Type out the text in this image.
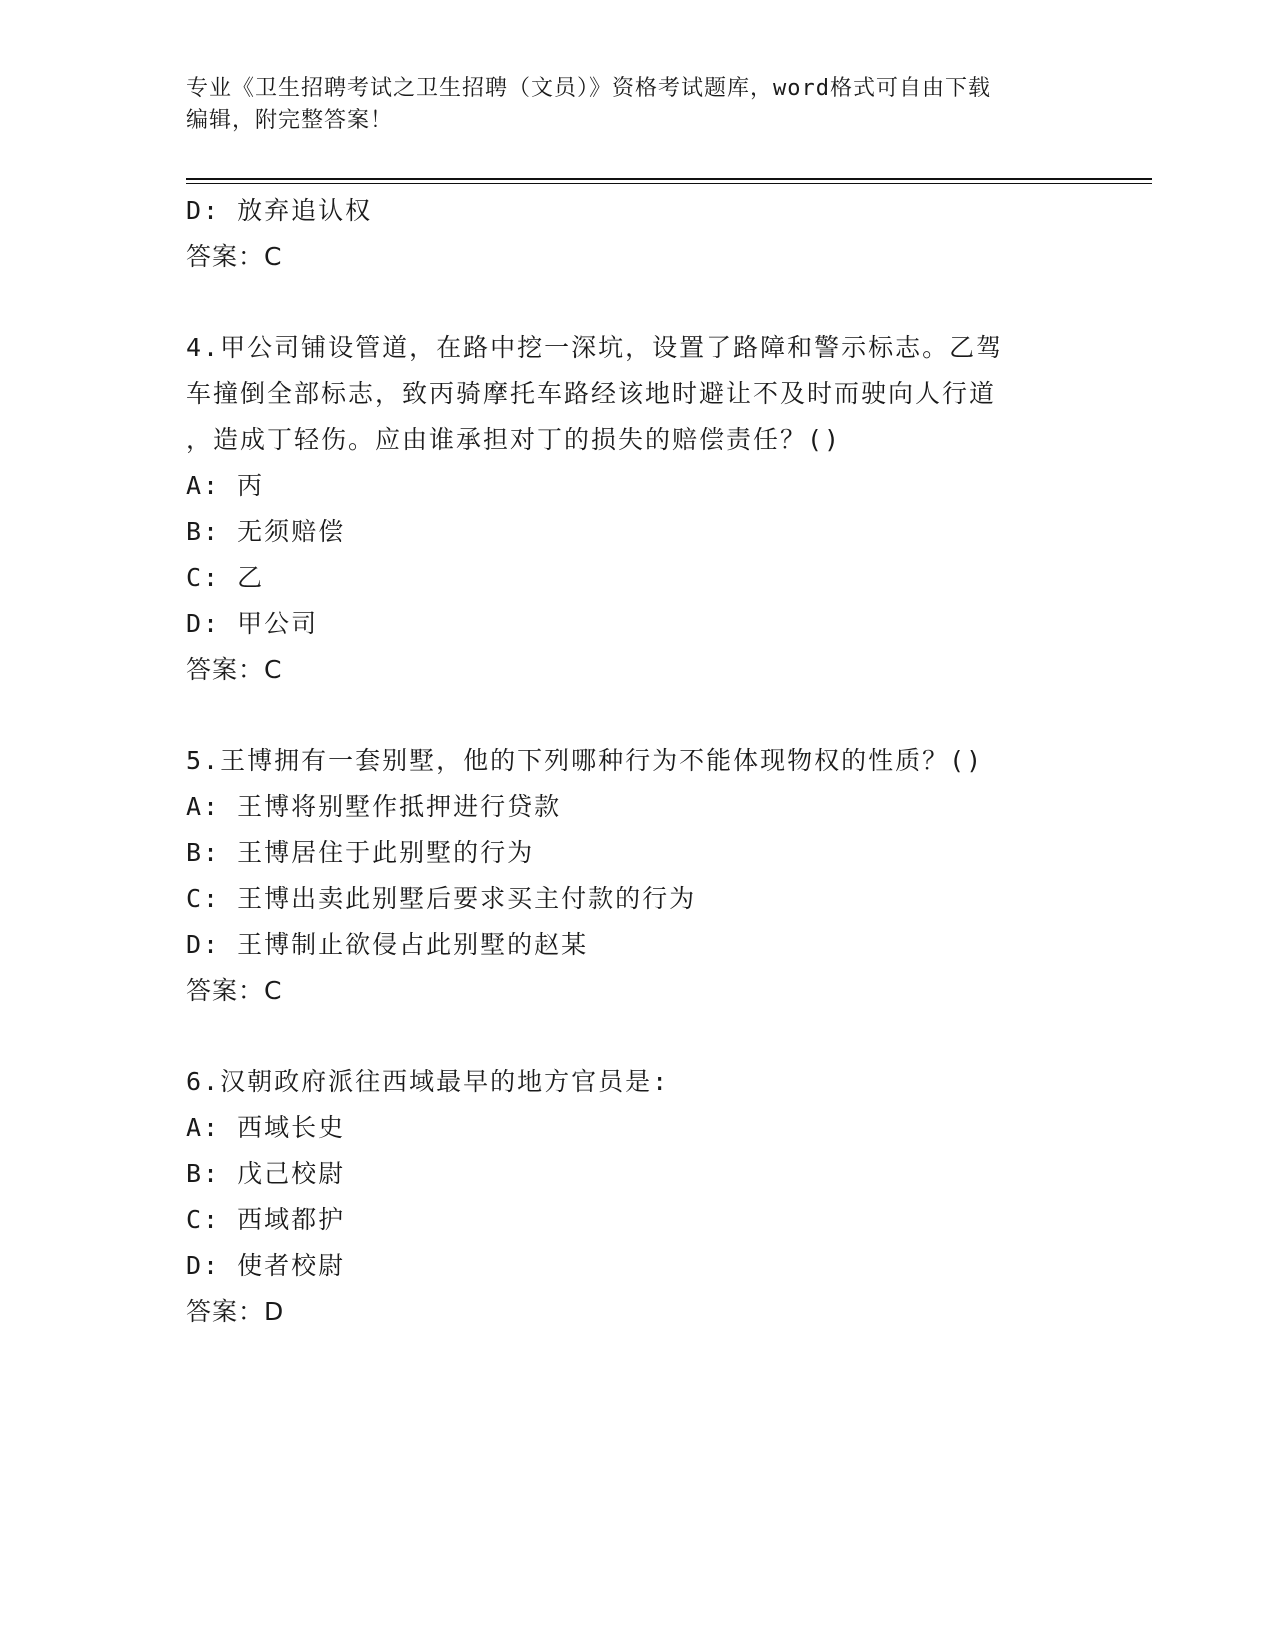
专业《卫生招聘考试之卫生招聘（文员）》资格考试题库，word格式可自由下载
编辑，附完整答案！
D: 放弃追认权
答案：C
4.甲公司铺设管道，在路中挖一深坑，设置了路障和警示标志。乙驾
车撞倒全部标志，致丙骑摩托车路经该地时避让不及时而驶向人行道
，造成丁轻伤。应由谁承担对丁的损失的赔偿责任？()
A: 丙
B: 无须赔偿
C: 乙
D: 甲公司
答案：C
5.王博拥有一套别墅，他的下列哪种行为不能体现物权的性质？()
A: 王博将别墅作抵押进行贷款
B: 王博居住于此别墅的行为
C: 王博出卖此别墅后要求买主付款的行为
D: 王博制止欲侵占此别墅的赵某
答案：C
6.汉朝政府派往西域最早的地方官员是:
A: 西域长史
B: 戊己校尉
C: 西域都护
D: 使者校尉
答案：D
